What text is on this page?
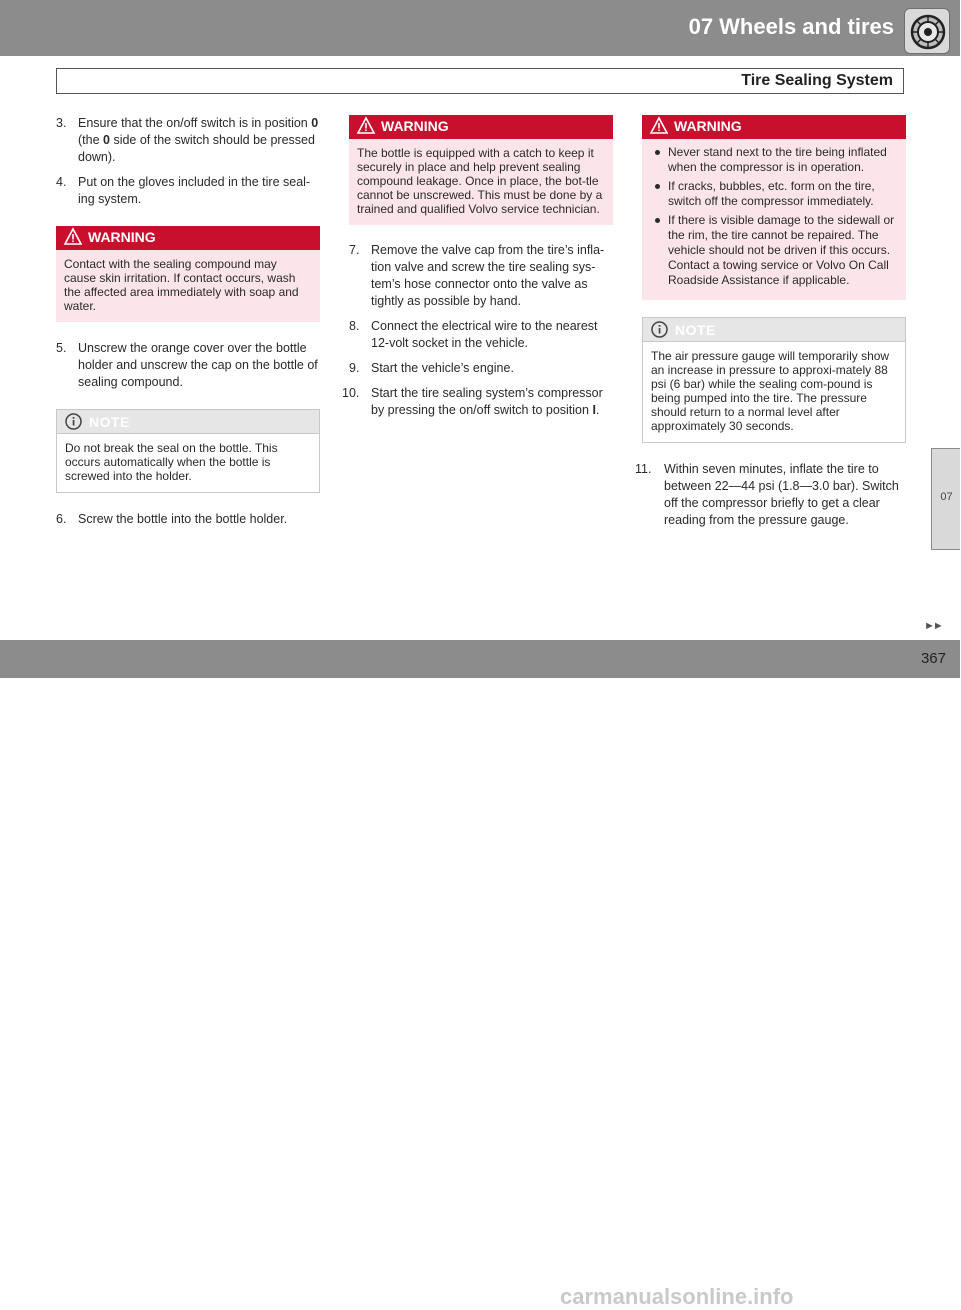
07 Wheels and tires
Tire Sealing System
3. Ensure that the on/off switch is in position 0 (the 0 side of the switch should be pressed down).
4. Put on the gloves included in the tire seal-ing system.
WARNING
Contact with the sealing compound may cause skin irritation. If contact occurs, wash the affected area immediately with soap and water.
5. Unscrew the orange cover over the bottle holder and unscrew the cap on the bottle of sealing compound.
NOTE
Do not break the seal on the bottle. This occurs automatically when the bottle is screwed into the holder.
6. Screw the bottle into the bottle holder.
WARNING
The bottle is equipped with a catch to keep it securely in place and help prevent sealing compound leakage. Once in place, the bot-tle cannot be unscrewed. This must be done by a trained and qualified Volvo service technician.
7. Remove the valve cap from the tire’s infla-tion valve and screw the tire sealing sys-tem’s hose connector onto the valve as tightly as possible by hand.
8. Connect the electrical wire to the nearest 12-volt socket in the vehicle.
9. Start the vehicle’s engine.
10. Start the tire sealing system’s compressor by pressing the on/off switch to position I.
WARNING
Never stand next to the tire being inflated when the compressor is in operation.
If cracks, bubbles, etc. form on the tire, switch off the compressor immediately.
If there is visible damage to the sidewall or the rim, the tire cannot be repaired. The vehicle should not be driven if this occurs. Contact a towing service or Volvo On Call Roadside Assistance if applicable.
NOTE
The air pressure gauge will temporarily show an increase in pressure to approxi-mately 88 psi (6 bar) while the sealing com-pound is being pumped into the tire. The pressure should return to a normal level after approximately 30 seconds.
11. Within seven minutes, inflate the tire to between 22—44 psi (1.8—3.0 bar). Switch off the compressor briefly to get a clear reading from the pressure gauge.
07
►►
carmanualsonline.info
367
